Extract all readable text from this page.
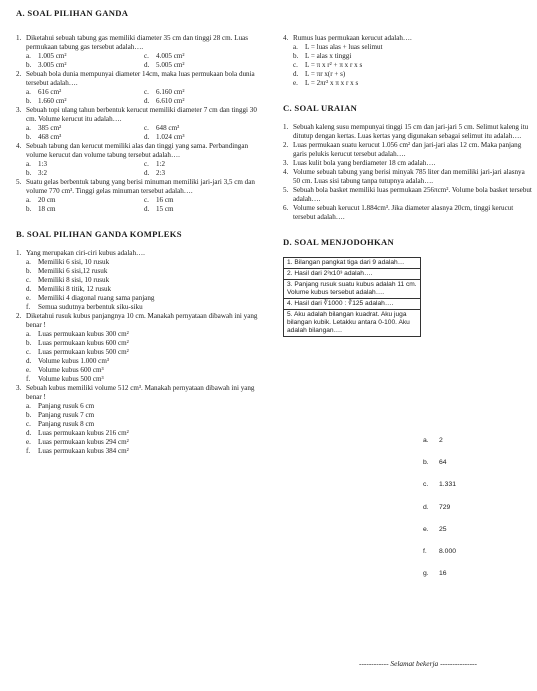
A. SOAL PILIHAN GANDA
1. Diketahui sebuah tabung gas memiliki diameter 35 cm dan tinggi 28 cm. Luas permukaan tabung gas tersebut adalah….
a. 1.005 cm²	c. 4.005 cm²
b. 3.005 cm²	d. 5.005 cm²
2. Sebuah bola dunia mempunyai diameter 14cm, maka luas permukaan bola dunia tersebut adalah….
a. 616 cm²	c. 6.160 cm²
b. 1.660 cm²	d. 6.610 cm²
3. Sebuah topi ulang tahun berbentuk kerucut memiliki diameter 7 cm dan tinggi 30 cm. Volume kerucut itu adalah….
a. 385 cm²	c. 648 cm³
b. 468 cm³	d. 1.024 cm³
4. Sebuah tabung dan kerucut memiliki alas dan tinggi yang sama. Perbandingan volume kerucut dan volume tabung tersebut adalah….
a. 1:3	c. 1:2
b. 3:2	d. 2:3
5. Suatu gelas berbentuk tabung yang berisi minuman memiliki jari-jari 3,5 cm dan volume 770 cm³. Tinggi gelas minuman tersebut adalah….
a. 20 cm	c. 16 cm
b. 18 cm	d. 15 cm
B. SOAL PILIHAN GANDA KOMPLEKS
1. Yang merupakan ciri-ciri kubus adalah….
a. Memiliki 6 sisi, 10 rusuk
b. Memiliki 6 sisi,12 rusuk
c. Memiliki 8 sisi, 10 rusuk
d. Memiliki 8 titik, 12 rusuk
e. Memiliki 4 diagonal ruang sama panjang
f.	Semua sudutnya berbentuk siku-siku
2. Diketahui rusuk kubus panjangnya 10 cm. Manakah pernyataan dibawah ini yang benar !
a. Luas permukaan kubus 300 cm²
b. Luas permukaan kubus 600 cm²
c. Luas permukaan kubus 500 cm²
d. Volume kubus 1.000 cm³
e. Volume kubus 600 cm³
f.	Volume kubus 500 cm³
3. Sebuah kubus memiliki volume 512 cm³. Manakah pernyataan dibawah ini yang benar !
a. Panjang rusuk 6 cm
b. Panjang rusuk 7 cm
c. Panjang rusuk 8 cm
d. Luas permukaan kubus 216 cm²
e. Luas permukaan kubus 294 cm²
f.	Luas permukaan kubus 384 cm²
4. Rumus luas permukaan kerucut adalah….
a. L = luas alas + luas selimut
b. L = alas x tinggi
c. L = π x r² + π x r x s
d. L = πr x(r + s)
e. L = 2πr² x π x r x s
C. SOAL URAIAN
1. Sebuah kaleng susu mempunyai tinggi 15 cm dan jari-jari 5 cm. Selimut kaleng itu ditutup dengan kertas. Luas kertas yang digunakan sebagai selimut itu adalah….
2. Luas permukaan suatu kerucut 1.056 cm² dan jari-jari alas 12 cm. Maka panjang garis pelukis kerucut tersebut adalah….
3. Luas kulit bola yang berdiameter 18 cm adalah….
4. Volume sebuah tabung yang berisi minyak 785 liter dan memiliki jari-jari alasnya 50 cm. Luas sisi tabung tanpa tutupnya adalah….
5. Sebuah bola basket memiliki luas permukaan 256πcm². Volume bola basket tersebut adalah….
6. Volume sebuah kerucut 1.884cm³. Jika diameter alasnya 20cm, tinggi kerucut tersebut adalah….
D. SOAL MENJODOHKAN
1. Bilangan pangkat tiga dari 9 adalah…
2. Hasil dari 2³x10³ adalah….
3. Panjang rusuk suatu kubus adalah 11 cm. Volume kubus tersebut adalah….
4. Hasil dari ∛1000 : ∛125 adalah….
5. Aku adalah bilangan kuadrat. Aku juga bilangan kubik. Letakku antara 0-100. Aku adalah bilangan….
a. 2
b. 64
c. 1.331
d. 729
e. 25
f. 8.000
g. 16
------------ Selamat bekerja ---------------
